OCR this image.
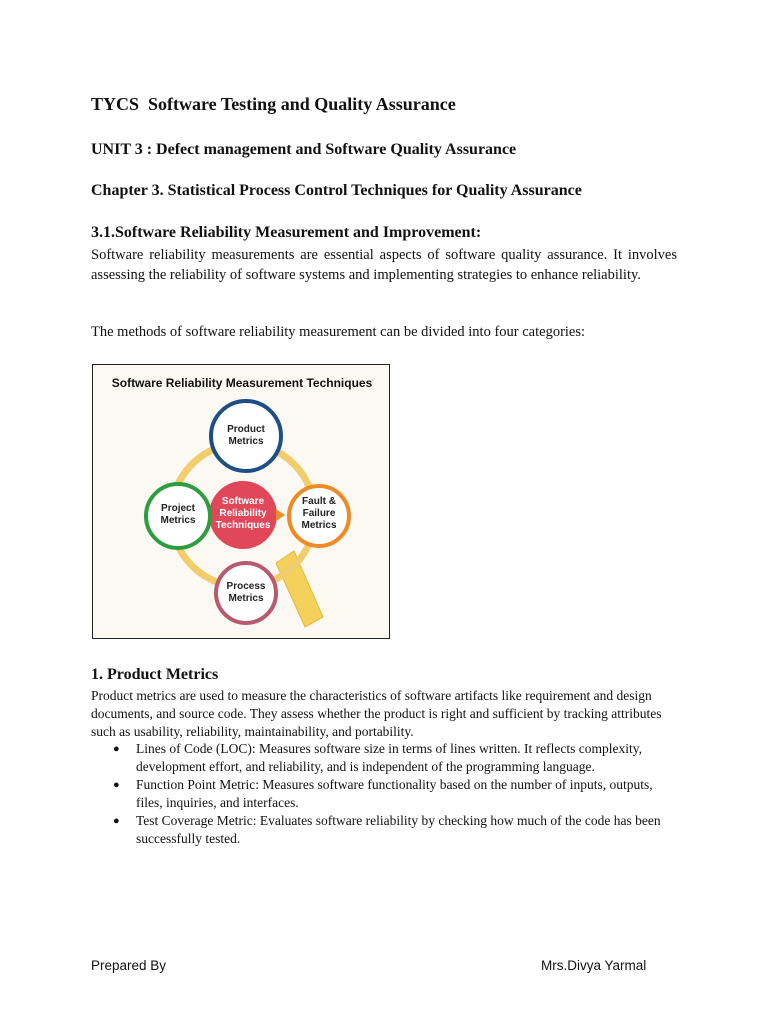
TYCS  Software Testing and Quality Assurance
UNIT 3 : Defect management and Software Quality Assurance
Chapter 3. Statistical Process Control Techniques for Quality Assurance
3.1.Software Reliability Measurement and Improvement:
Software reliability measurements are essential aspects of software quality assurance. It involves assessing the reliability of software systems and implementing strategies to enhance reliability.
The methods of software reliability measurement can be divided into four categories:
Software Reliability Measurement Techniques
Product
Metrics
Project
Metrics
Fault &
Failure
Metrics
Process
Metrics
Software
Reliability
Techniques
1. Product Metrics
Product metrics are used to measure the characteristics of software artifacts like requirement and design documents, and source code. They assess whether the product is right and sufficient by tracking attributes such as usability, reliability, maintainability, and portability.
● Lines of Code (LOC): Measures software size in terms of lines written. It reflects complexity, development effort, and reliability, and is independent of the programming language.
● Function Point Metric: Measures software functionality based on the number of inputs, outputs, files, inquiries, and interfaces.
● Test Coverage Metric: Evaluates software reliability by checking how much of the code has been successfully tested.
Prepared By	Mrs.Divya Yarmal
